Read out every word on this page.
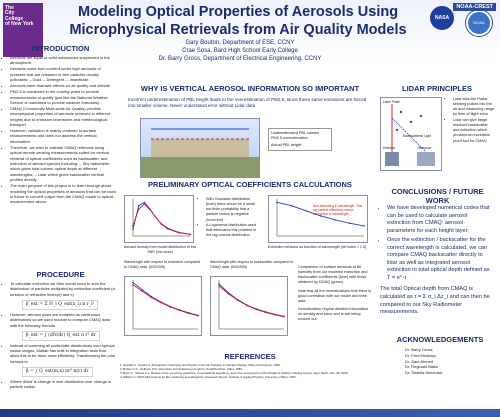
The
City
College
of New York
Modeling Optical Properties of Aerosols Using
Microphysical Retrievals from Air Quality Models
Gary Bouton, Department of ESE, CCNY
Crae Sosa, Bard High School Early College
Dr. Barry Gross, Department of Electrical Engineering, CCNY
NASA
NOAA
NOAA-CREST
INTRODUCTION
• Aerosols are liquid or solid substances suspended in the atmosphere.
• Aerosols come from content under high amounts of pressure that are released or free particles usually pollutants: – Dust, – Detergent, – Insecticide
• Aerosols have dramatic effects on air quality and climate
• PM2.5 is monitored in the coming years to provide measurements of quality (just like the National Weather Service is mandated to provide weather forecasts).
• CMAQ (Community Multi-scale Air Quality) predicts microphysical properties of aerosols retrieved in different heights due to emission inventories and meteorological transport
• However, validation is mainly confined to surface measurements and does not address the vertical information
• Therefore, we wish to validate CMAQ retrievals using optical remote sensing measurements suited for vertical retrieval of optical coefficients such as backscatter, and extinction of aerosol species including: – Sky radiometer which gives total column optical depth at different wavelengths; – Lidar which gives backscatter vertical profiles directly
• The main purpose of this project is to learn enough about modeling the optical properties of aerosols that can be used in future to convert output from the CMAQ model to optical measurement above.
PROCEDURE
• To calculate extinction we then would need to sum the distribution of particles multiplied by extinction coefficient (a function of refractive index(n) and x)
β_ext = Σ N_i Q_ext(x_i) π r_i²
• However, aerosol sizes are modeled as continuous distributions so we used module to compute CMAQ data with the following formula
β_ext = ∫ (dN/dr) Q_ext π r² dr
• Instead of summing all particulate distributions over special radius ranges, Matlab has built in integration tools that allow this to be done more efficiently. Transforming the prior formula to
β = ∫ Q_ext(m,x) πr² n(r) dr
• Where dN/dr is change in size distribution over change in particle radius
WHY IS VERTICAL AEROSOL INFORMATION SO IMPORTANT
Incorrect underestimation of PBL height leads to the overestimation of PM2.5, since these same emissions are forced into smaller volume. Never understand error without Lidar data
Underestimated PBL causes PM2.5 overestimation
Actual PBL height
LIDAR PRINCIPLES
Laser Pulse
Backscattered Light
Telescope
Detector
• Lidar acts like Radar sending pulses into the air and measuring range by time of flight echo
• Lidar can give range resolved backscatter and extinction which provides an incredible proof tool for CMAQ
PRELIMINARY OPTICAL COEFFICIENTS CALCULATIONS
Aerosol density from model distribution of low SNR (low sizes)
• With Gaussian distribution (both) there would be a small but finite probability that a particle radius is negative (incorrect)
• A Lognormal distribution used that eliminates this problem in the log-normal distribution
Non-absorbing in wavelength. This log particle effectively seems insensitive to wavelength.
Extinction behavior as function of wavelength (ref index = 1.5)
Wavelength with respect to extinction compared to CMAQ data. (5/3/2005)
Wavelength with respect to backscatter compared to CMAQ data. (5/3/2005)	Comparison of surface aerosols at 86 humidity from our modeled extinction and backscatter coefficients (blue) with those obtained by CMAQ (green)

Note that all the normalizations that there is good correlation with our model and their data

Normalization require detailed information on density and sizes and is still being worked out

CONCLUSIONS / FUTURE WORK
• We have developed numerical codes that can be used to calculate aerosol extinction from CMAQ: aerosol parameters for each height layer.
• Once the extinction / backscatter for the correct wavelength is calculated, we can compare CMAQ backscatter directly to lidar as well as integrated aerosol extinction to total optical depth defined as T = e^-τ

The total Optical depth from CMAQ is calculated as τ = Σ σ_i Δz_i and can then be compared to our Sky Radiometer measurements.

ACKNOWLEDGEMENTS
Dr. Barry Gross
Dr. Fred Moshary
Dr. Sam Ahmed
Dr. Reginald Blake
Dr. Shakila Merchant
REFERENCES
1. Seinfeld J., Pandis S. Atmospheric Chemistry and Physics: From Air Pollution to Climate Change. Wiley Interscience, 1998.
2. Bohren C.F., Huffman D.R. Absorption and Scattering of Light by Small Particles. Wiley, 1983.
3. Byun D., Schere K.L. Review of the governing equations, computational algorithms, and other components of the Models-3 CMAQ modeling system. Appl. Mech. Rev. 59, 2006.
4. Mätzler C. MATLAB functions for Mie scattering and absorption. Research Report, Institute of Applied Physics, University of Bern, 2002.
